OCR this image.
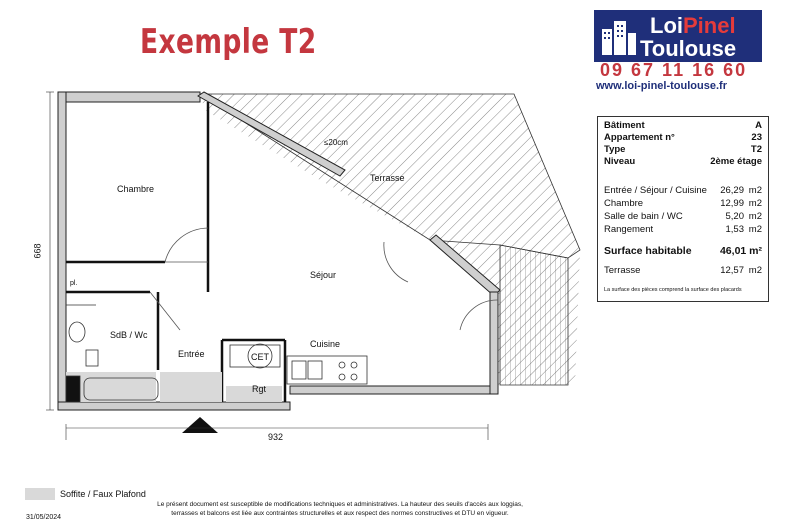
Exemple T2
Chambre
Séjour
Terrasse
SdB / Wc
Entrée
Cuisine
CET
Rgt
pl.
≤20cm
932
668
LoiPinel
Toulouse
09 67 11 16 60
www.loi-pinel-toulouse.fr
Bâtiment	A
Appartement n°	23
Type	T2
Niveau	2ème étage
Entrée / Séjour / Cuisine 26,29 m2
Chambre	12,99 m2
Salle de bain / WC	5,20 m2
Rangement	1,53 m2
Surface habitable	46,01 m²
Terrasse	12,57 m2
La surface des pièces comprend la surface des placards
Soffite / Faux Plafond
Le présent document est susceptible de modifications techniques et administratives. La hauteur des seuils d'accès aux loggias, terrasses et balcons est liée aux contraintes structurelles et aux respect des normes constructives et DTU en vigueur.
31/05/2024
